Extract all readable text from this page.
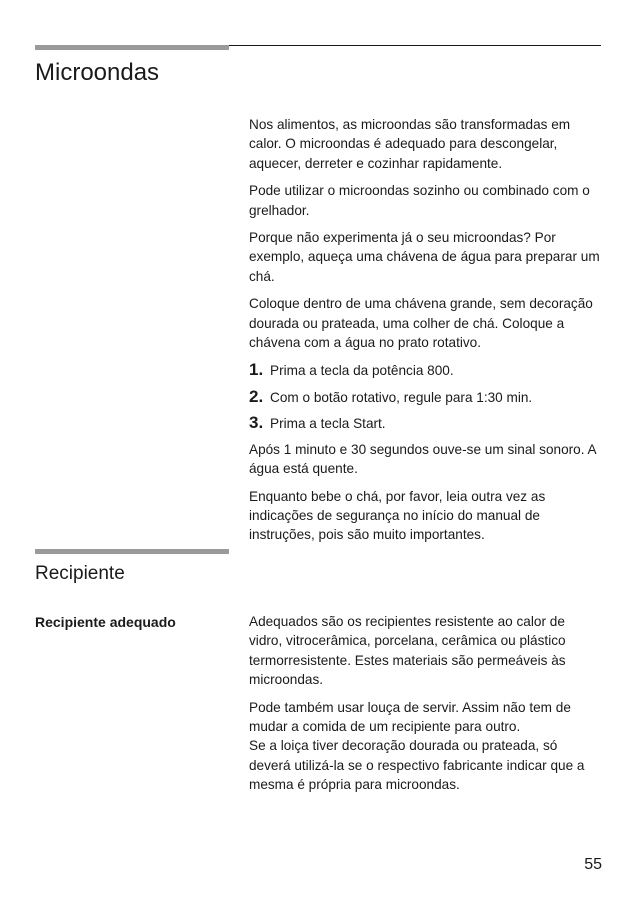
Microondas

Nos alimentos, as microondas são transformadas em calor. O microondas é adequado para descongelar, aquecer, derreter e cozinhar rapidamente.

Pode utilizar o microondas sozinho ou combinado com o grelhador.

Porque não experimenta já o seu microondas? Por exemplo, aqueça uma chávena de água para preparar um chá.

Coloque dentro de uma chávena grande, sem decoração dourada ou prateada, uma colher de chá. Coloque a chávena com a água no prato rotativo.

1. Prima a tecla da potência 800.
2. Com o botão rotativo, regule para 1:30 min.
3. Prima a tecla Start.

Após 1 minuto e 30 segundos ouve-se um sinal sonoro. A água está quente.

Enquanto bebe o chá, por favor, leia outra vez as indicações de segurança no início do manual de instruções, pois são muito importantes.

Recipiente
Recipiente adequado	Adequados são os recipientes resistente ao calor de vidro, vitrocerâmica, porcelana, cerâmica ou plástico termorresistente. Estes materiais são permeáveis às microondas.

Pode também usar louça de servir. Assim não tem de mudar a comida de um recipiente para outro.
Se a loiça tiver decoração dourada ou prateada, só deverá utilizá-la se o respectivo fabricante indicar que a mesma é própria para microondas.

55
